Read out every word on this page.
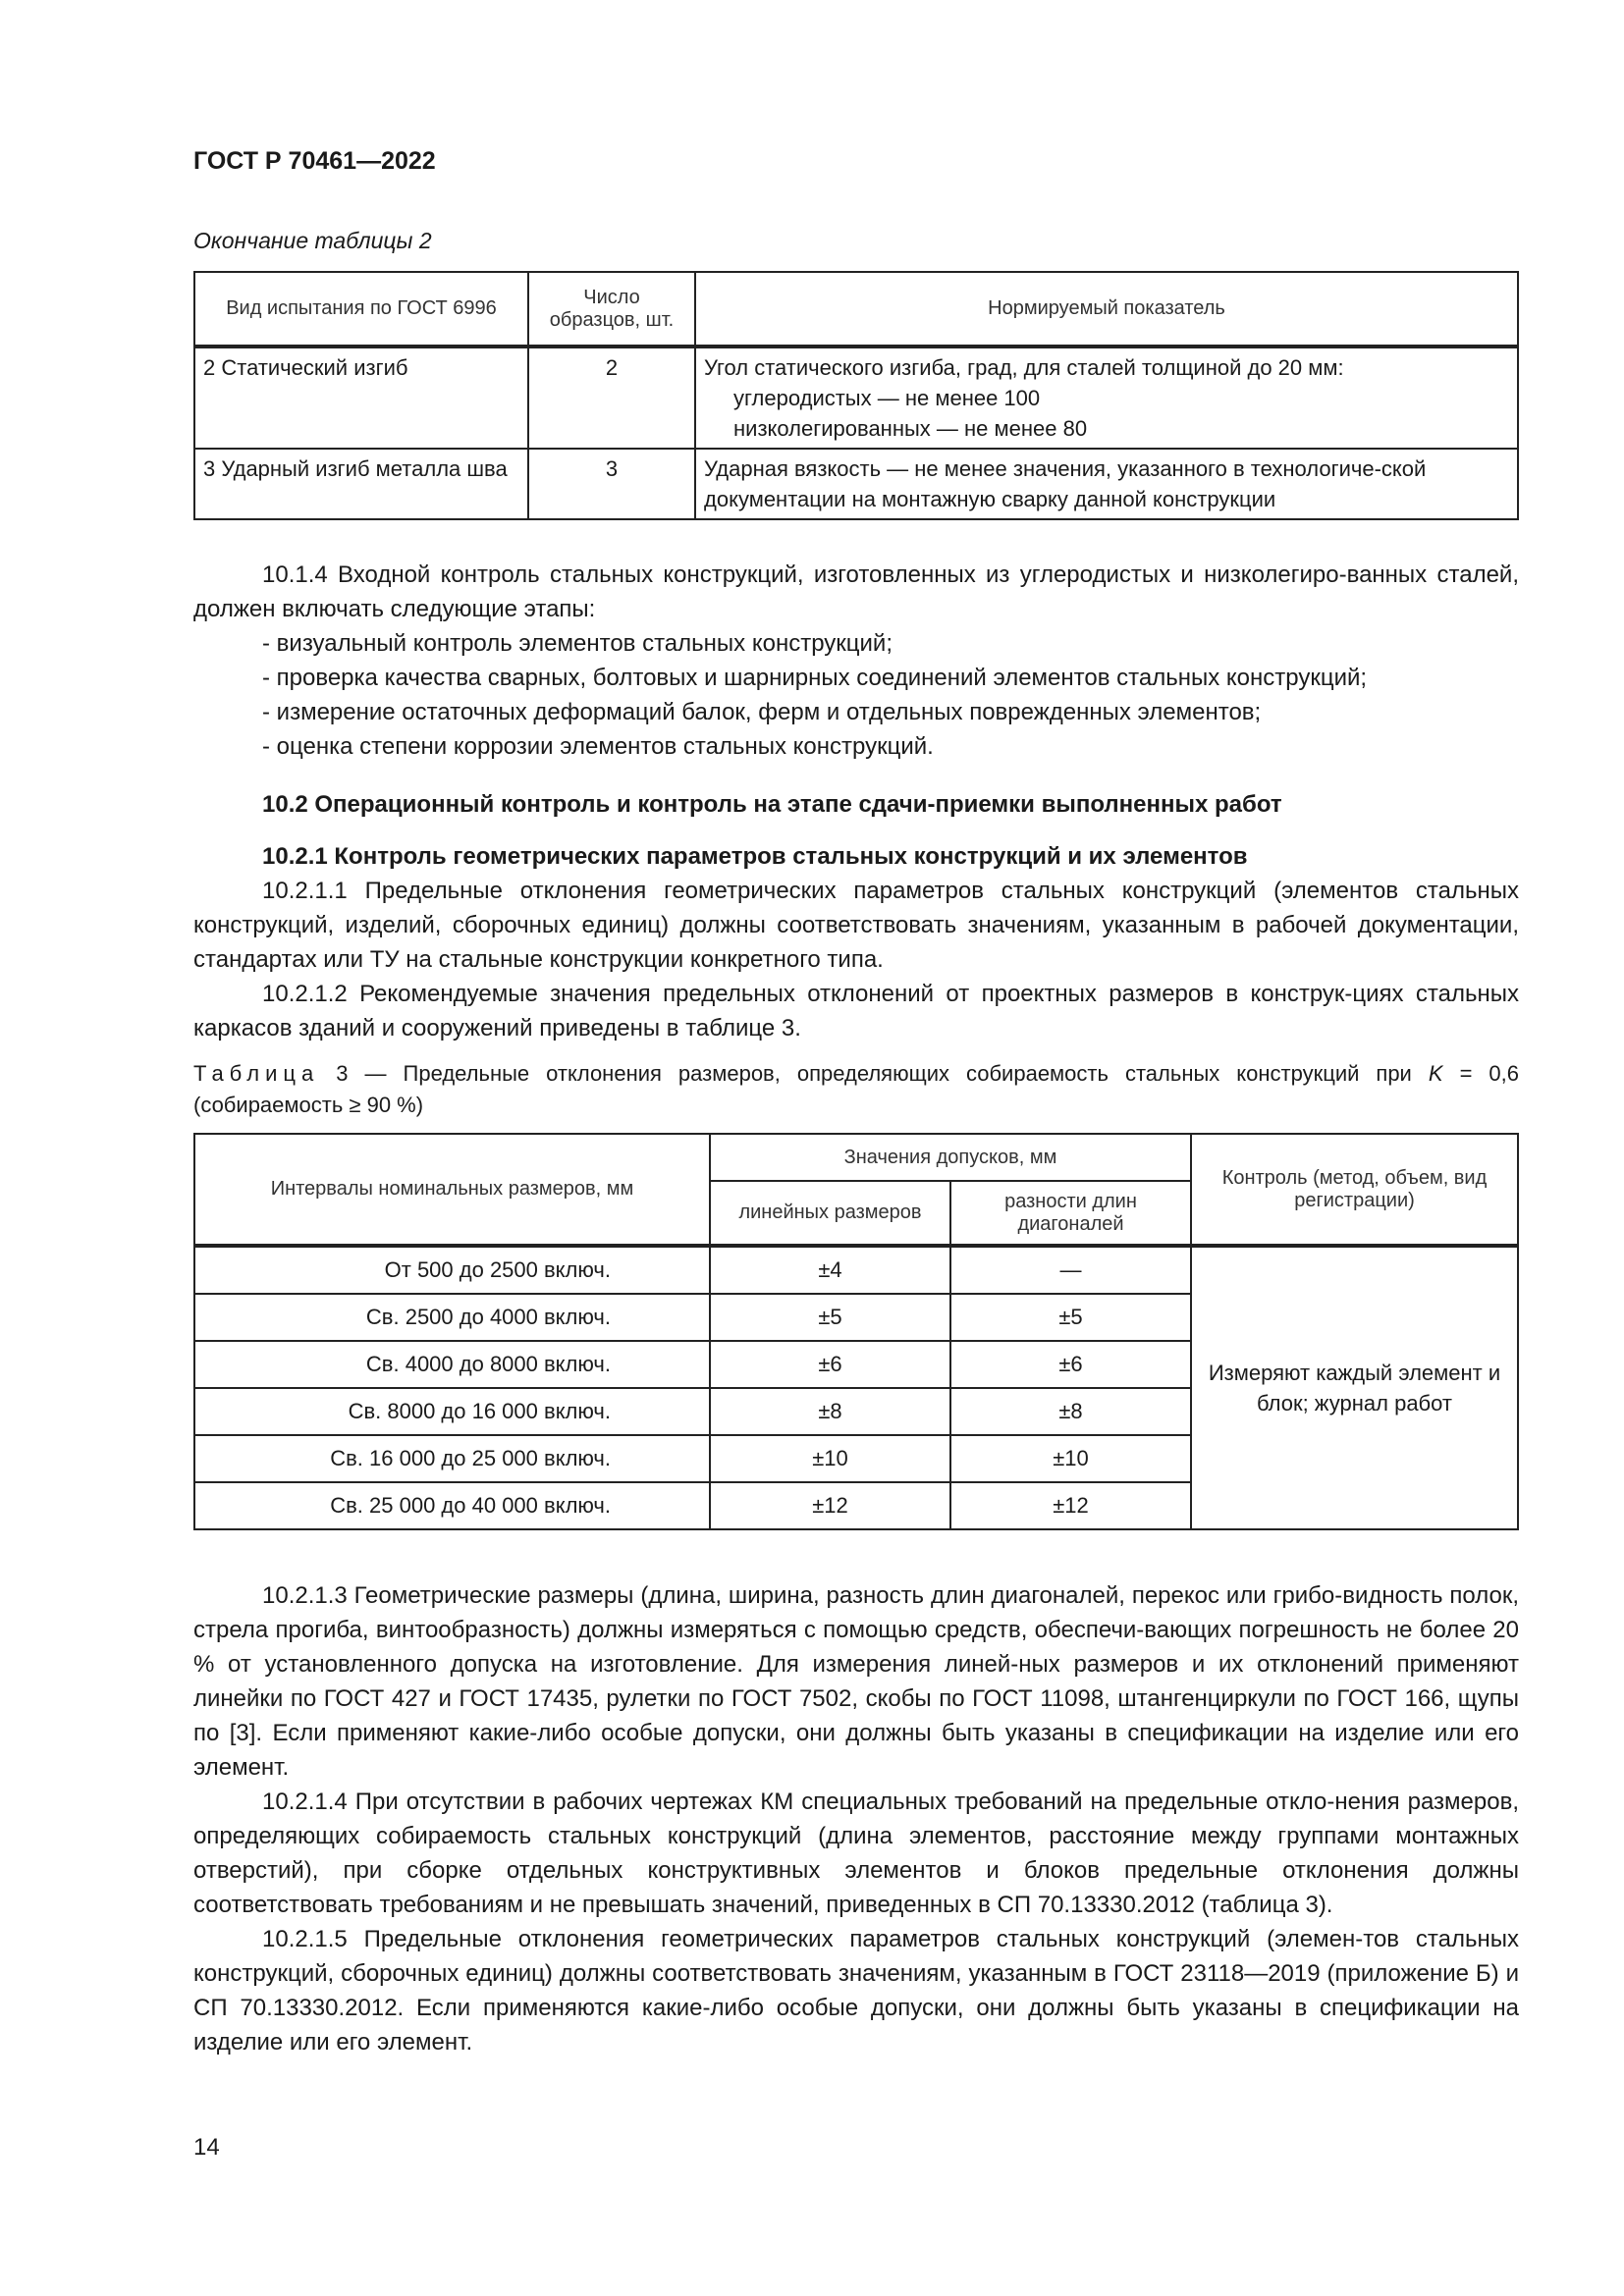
ГОСТ Р 70461—2022
Окончание таблицы 2
Вид испытания по ГОСТ 6996	Число образцов, шт.	Нормируемый показатель
2 Статический изгиб	2	Угол статического изгиба, град, для сталей толщиной до 20 мм:
углеродистых — не менее 100
низколегированных — не менее 80

3 Ударный изгиб металла шва	3	Ударная вязкость — не менее значения, указанного в технологиче-ской документации на монтажную сварку данной конструкции

10.1.4 Входной контроль стальных конструкций, изготовленных из углеродистых и низколегиро-ванных сталей, должен включать следующие этапы:

- визуальный контроль элементов стальных конструкций;

- проверка качества сварных, болтовых и шарнирных соединений элементов стальных конструкций;

- измерение остаточных деформаций балок, ферм и отдельных поврежденных элементов;

- оценка степени коррозии элементов стальных конструкций.

10.2 Операционный контроль и контроль на этапе сдачи-приемки выполненных работ

10.2.1 Контроль геометрических параметров стальных конструкций и их элементов

10.2.1.1 Предельные отклонения геометрических параметров стальных конструкций (элементов стальных конструкций, изделий, сборочных единиц) должны соответствовать значениям, указанным в рабочей документации, стандартах или ТУ на стальные конструкции конкретного типа.

10.2.1.2 Рекомендуемые значения предельных отклонений от проектных размеров в конструк-циях стальных каркасов зданий и сооружений приведены в таблице 3.

Таблица 3 — Предельные отклонения размеров, определяющих собираемость стальных конструкций при K = 0,6 (собираемость ≥ 90 %)
Интервалы номинальных размеров, мм	Значения допусков, мм		Контроль (метод, объем, вид регистрации)
	линейных размеров	разности длин диагоналей	
От 500 до 2500 включ.	±4	—	Измеряют каждый элемент и блок; журнал работ
Св. 2500 до 4000 включ.	±5	±5	
Св. 4000 до 8000 включ.	±6	±6	
Св. 8000 до 16 000 включ.	±8	±8	
Св. 16 000 до 25 000 включ.	±10	±10	
Св. 25 000 до 40 000 включ.	±12	±12	

10.2.1.3 Геометрические размеры (длина, ширина, разность длин диагоналей, перекос или грибо-видность полок, стрела прогиба, винтообразность) должны измеряться с помощью средств, обеспечи-вающих погрешность не более 20 % от установленного допуска на изготовление. Для измерения линей-ных размеров и их отклонений применяют линейки по ГОСТ 427 и ГОСТ 17435, рулетки по ГОСТ 7502, скобы по ГОСТ 11098, штангенциркули по ГОСТ 166, щупы по [3]. Если применяют какие-либо особые допуски, они должны быть указаны в спецификации на изделие или его элемент.

10.2.1.4 При отсутствии в рабочих чертежах КМ специальных требований на предельные откло-нения размеров, определяющих собираемость стальных конструкций (длина элементов, расстояние между группами монтажных отверстий), при сборке отдельных конструктивных элементов и блоков предельные отклонения должны соответствовать требованиям и не превышать значений, приведенных в СП 70.13330.2012 (таблица 3).

10.2.1.5 Предельные отклонения геометрических параметров стальных конструкций (элемен-тов стальных конструкций, сборочных единиц) должны соответствовать значениям, указанным в ГОСТ 23118—2019 (приложение Б) и СП 70.13330.2012. Если применяются какие-либо особые допуски, они должны быть указаны в спецификации на изделие или его элемент.

14
